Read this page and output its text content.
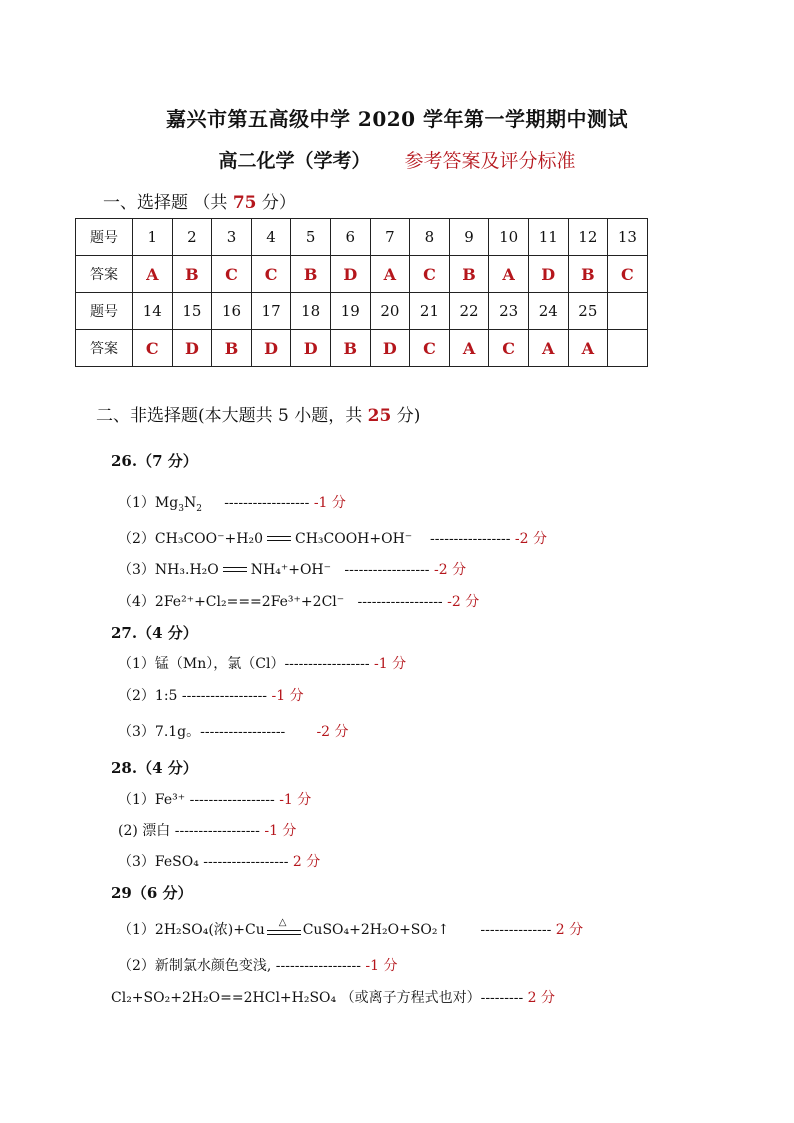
嘉兴市第五高级中学 2020 学年第一学期期中测试
高二化学（学考） 参考答案及评分标准
一、选择题 （共 75 分）
题号	1	2	3	4	5	6	7	8	9	10	11	12	13
答案	A	B	C	C	B	D	A	C	B	A	D	B	C
题号	14	15	16	17	18	19	20	21	22	23	24	25	
答案	C	D	B	D	D	B	D	C	A	C	A	A	
二、非选择题(本大题共 5 小题，共 25 分)
26.（7 分）
$(1)Mg_3N_2$ ------------------ -1 分
（2）CH₃COO⁻+H₂0 CH₃COOH+OH⁻ ----------------- -2 分
（3）NH₃.H₂O NH₄⁺+OH⁻ ------------------ -2 分
（4）2Fe²⁺+Cl₂===2Fe³⁺+2Cl⁻ ------------------ -2 分
27.（4 分）
（1）锰（Mn），氯（Cl）------------------ -1 分
（2）1:5 ------------------ -1 分
（3）7.1g。------------------ -2 分
28.（4 分）
（1）Fe³⁺ ------------------ -1 分
(2) 漂白 ------------------ -1 分
（3）FeSO₄ ------------------ 2 分
29（6 分）
（1）2H₂SO₄(浓)+Cu △ CuSO₄+2H₂O+SO₂↑ --------------- 2 分
（2）新制氯水颜色变浅, ------------------ -1 分
Cl₂+SO₂+2H₂O==2HCl+H₂SO₄ （或离子方程式也对）--------- 2 分
